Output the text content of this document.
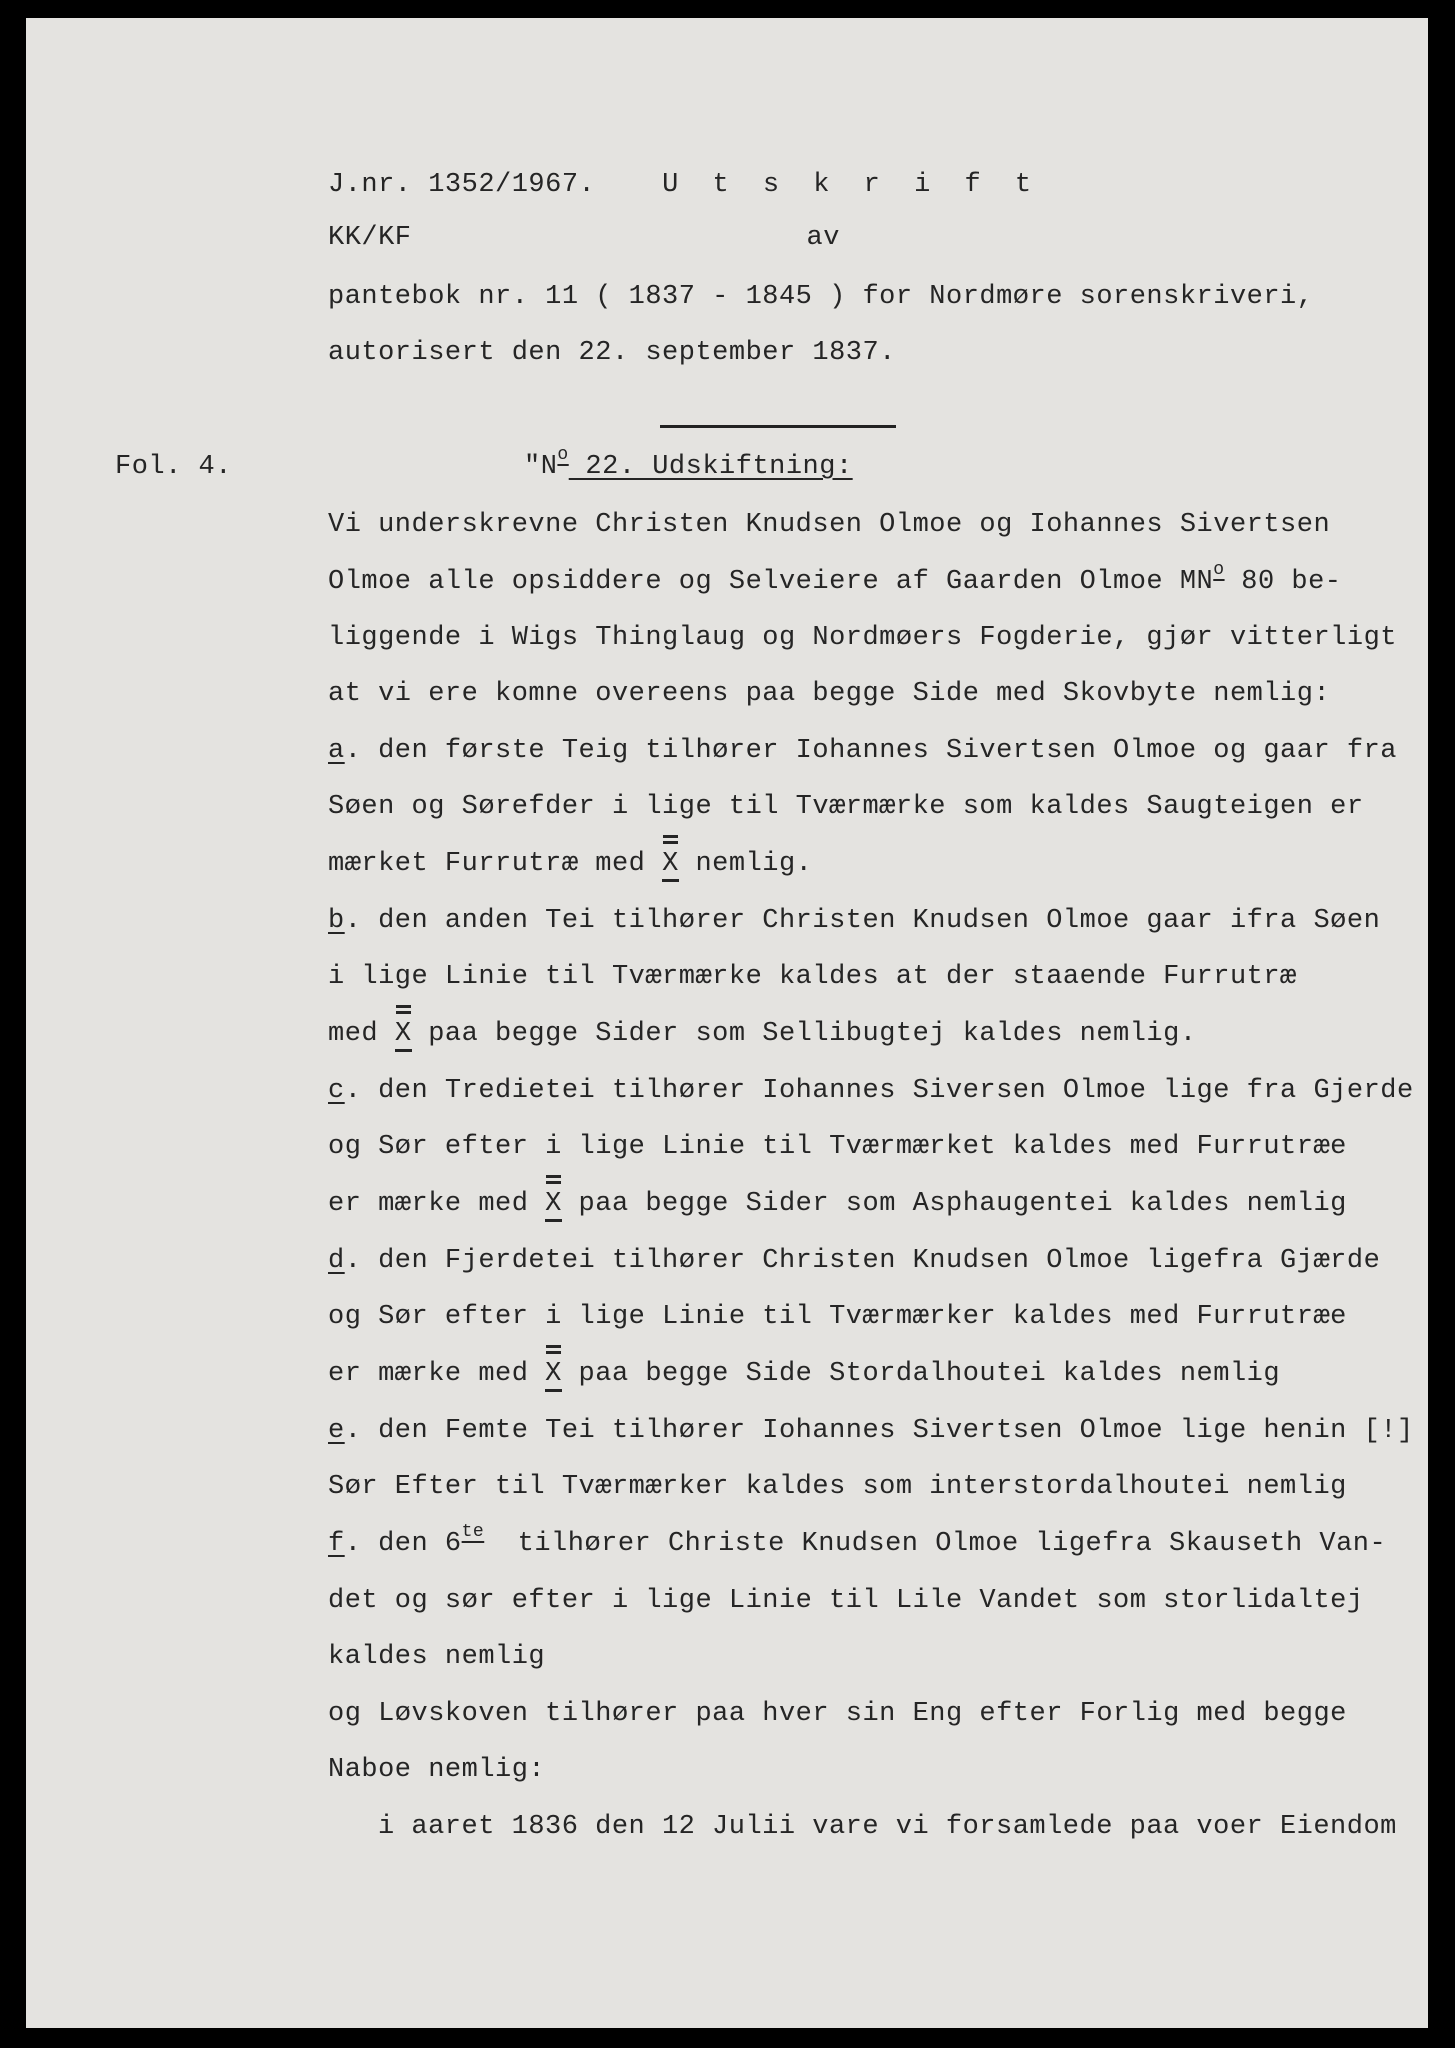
J.nr. 1352/1967. U t s k r i f t
KK/KF	av
pantebok nr. 11 ( 1837 - 1845 ) for Nordmøre sorenskriveri,
autorisert den 22. september 1837.
Fol. 4.	"$N^o$ 22. Udskiftning:
Vi underskrevne Christen Knudsen Olmoe og Iohannes Sivertsen
Olmoe alle opsiddere og Selveiere af Gaarden Olmoe $MN^o$ 80 be-
liggende i Wigs Thinglaug og Nordmøers Fogderie, gjør vitterligt
at vi ere komne overeens paa begge Side med Skovbyte nemlig:
a. den første Teig tilhører Iohannes Sivertsen Olmoe og gaar fra
Søen og Sørefder i lige til Tværmærke som kaldes Saugteigen er
mærket Furrutræ med X nemlig.
b. den anden Tei tilhører Christen Knudsen Olmoe gaar ifra Søen
i lige Linie til Tværmærke kaldes at der staaende Furrutræ
med X paa begge Sider som Sellibugtej kaldes nemlig.
c. den Tredietei tilhører Iohannes Siversen Olmoe lige fra Gjerde
og Sør efter i lige Linie til Tværmærket kaldes med Furrutræe
er mærke med X paa begge Sider som Asphaugentei kaldes nemlig
d. den Fjerdetei tilhører Christen Knudsen Olmoe ligefra Gjærde
og Sør efter i lige Linie til Tværmærker kaldes med Furrutræe
er mærke med X paa begge Side Stordalhoutei kaldes nemlig
e. den Femte Tei tilhører Iohannes Sivertsen Olmoe lige henin [!]
Sør Efter til Tværmærker kaldes som interstordalhoutei nemlig
f. den $6^{te}$  tilhører Christe Knudsen Olmoe ligefra Skauseth Van-
det og sør efter i lige Linie til Lile Vandet som storlidaltej
kaldes nemlig
og Løvskoven tilhører paa hver sin Eng efter Forlig med begge
Naboe nemlig:
i aaret 1836 den 12 Julii vare vi forsamlede paa voer Eiendom
